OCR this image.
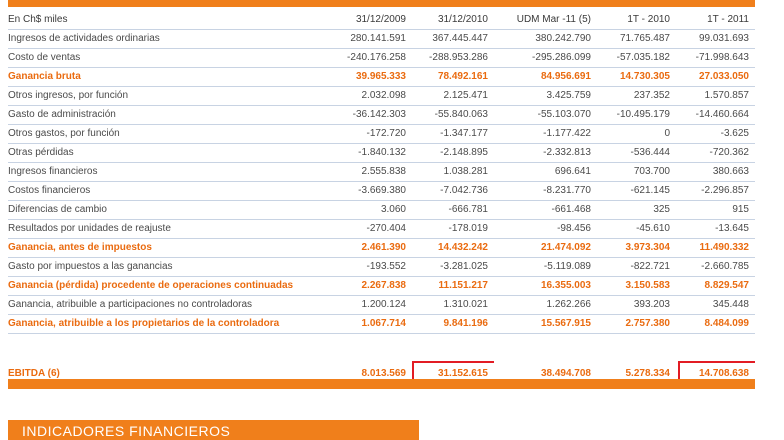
En Ch$ miles	31/12/2009	31/12/2010	UDM Mar -11 (5)	1T - 2010	1T - 2011
Ingresos de actividades ordinarias	280.141.591	367.445.447	380.242.790	71.765.487	99.031.693
Costo de ventas	-240.176.258	-288.953.286	-295.286.099	-57.035.182	-71.998.643
Ganancia bruta	39.965.333	78.492.161	84.956.691	14.730.305	27.033.050
Otros ingresos, por función	2.032.098	2.125.471	3.425.759	237.352	1.570.857
Gasto de administración	-36.142.303	-55.840.063	-55.103.070	-10.495.179	-14.460.664
Otros gastos, por función	-172.720	-1.347.177	-1.177.422	0	-3.625
Otras pérdidas	-1.840.132	-2.148.895	-2.332.813	-536.444	-720.362
Ingresos financieros	2.555.838	1.038.281	696.641	703.700	380.663
Costos financieros	-3.669.380	-7.042.736	-8.231.770	-621.145	-2.296.857
Diferencias de cambio	3.060	-666.781	-661.468	325	915
Resultados por unidades de reajuste	-270.404	-178.019	-98.456	-45.610	-13.645
Ganancia, antes de impuestos	2.461.390	14.432.242	21.474.092	3.973.304	11.490.332
Gasto por impuestos a las ganancias	-193.552	-3.281.025	-5.119.089	-822.721	-2.660.785
Ganancia (pérdida) procedente de operaciones continuadas	2.267.838	11.151.217	16.355.003	3.150.583	8.829.547
Ganancia, atribuible a participaciones no controladoras	1.200.124	1.310.021	1.262.266	393.203	345.448
Ganancia, atribuible a los propietarios de la controladora	1.067.714	9.841.196	15.567.915	2.757.380	8.484.099

EBITDA (6)	8.013.569	31.152.615	38.494.708	5.278.334	14.708.638
INDICADORES FINANCIEROS
